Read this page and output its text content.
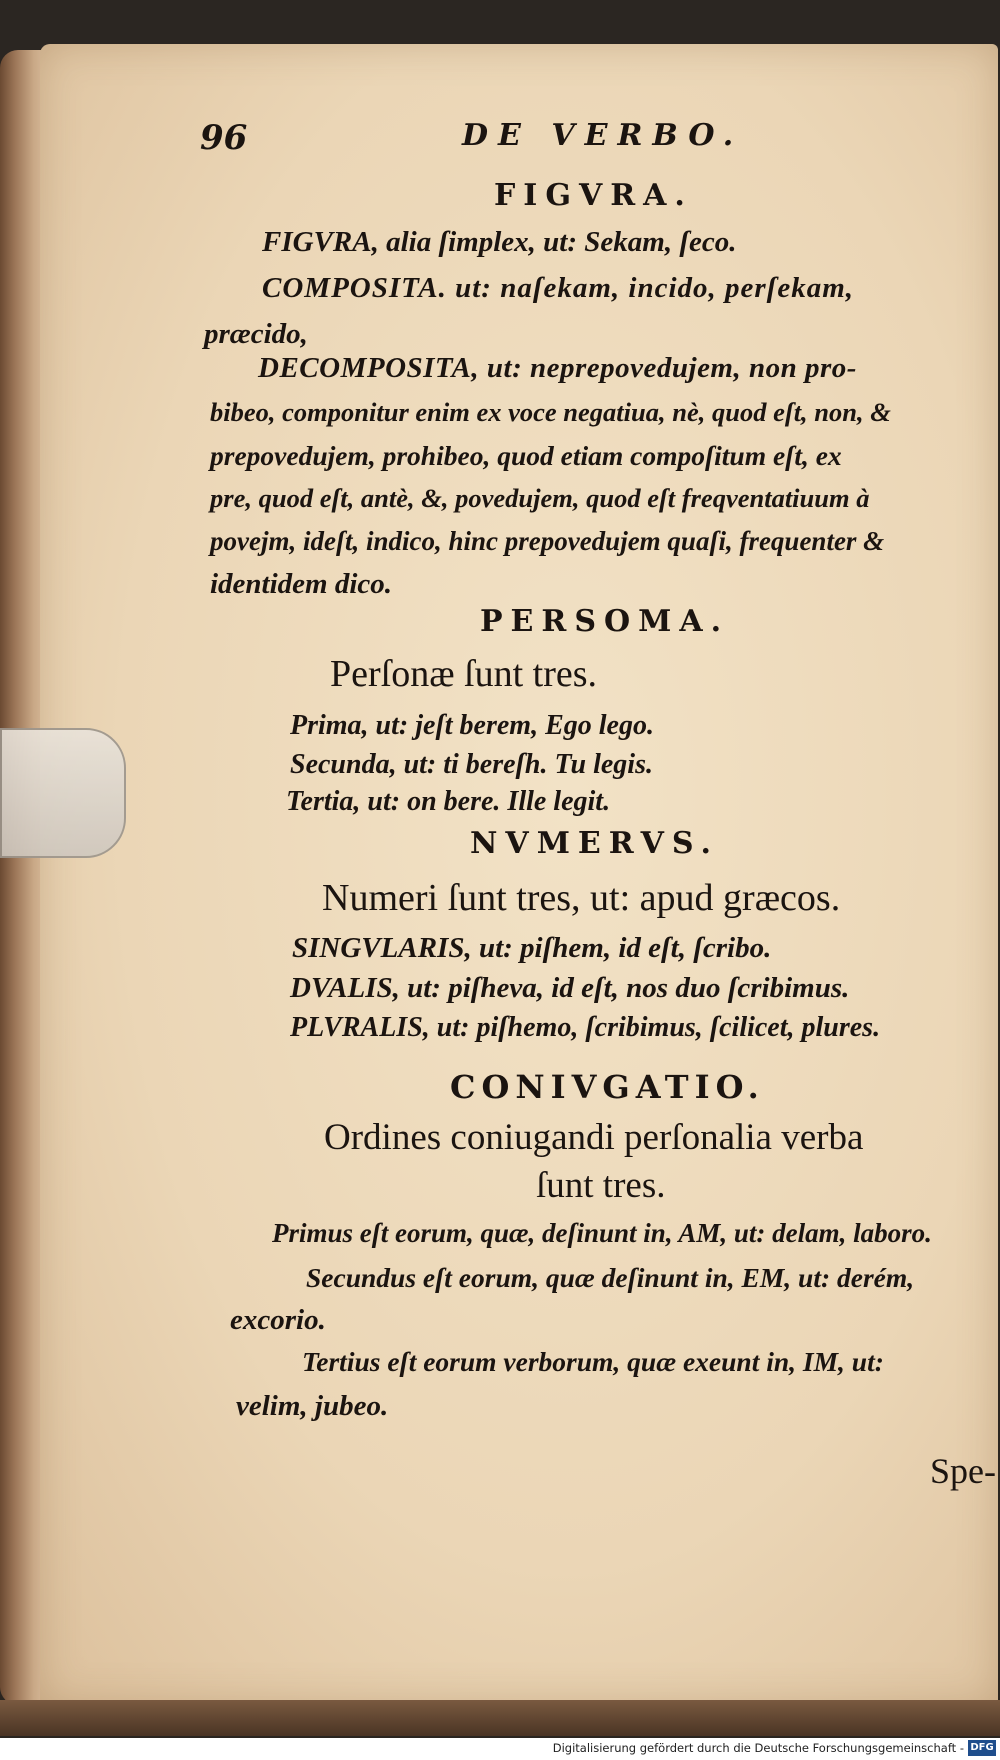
96	DE VERBO.
FIGVRA.
FIGVRA, alia ſimplex, ut: Sekam, ſeco.
COMPOSITA. ut: naſekam, incido, perſekam,
præcido,
DECOMPOSITA, ut: neprepovedujem, non pro-
bibeo, componitur enim ex voce negatiua, nè, quod eſt, non, &
prepovedujem, prohibeo, quod etiam compoſitum eſt, ex
pre, quod eſt, antè, &, povedujem, quod eſt freqventatiuum à
povejm, ideſt, indico, hinc prepovedujem quaſi, frequenter &
identidem dico.
PERSOMA.
Perſonæ ſunt tres.
Prima, ut: jeſt berem, Ego lego.
Secunda, ut: ti bereſh. Tu legis.
Tertia, ut: on bere. Ille legit.
NVMERVS.
Numeri ſunt tres, ut: apud græcos.
SINGVLARIS, ut: piſhem, id eſt, ſcribo.
DVALIS, ut: piſheva, id eſt, nos duo ſcribimus.
PLVRALIS, ut: piſhemo, ſcribimus, ſcilicet, plures.
CONIVGATIO.
Ordines coniugandi perſonalia verba
ſunt tres.
Primus eſt eorum, quæ, deſinunt in, AM, ut: delam, laboro.
Secundus eſt eorum, quæ deſinunt in, EM, ut: derém,
excorio.
Tertius eſt eorum verborum, quæ exeunt in, IM, ut:
velim, jubeo.
Spe-
Digitalisierung gefördert durch die Deutsche Forschungsgemeinschaft - DFG
